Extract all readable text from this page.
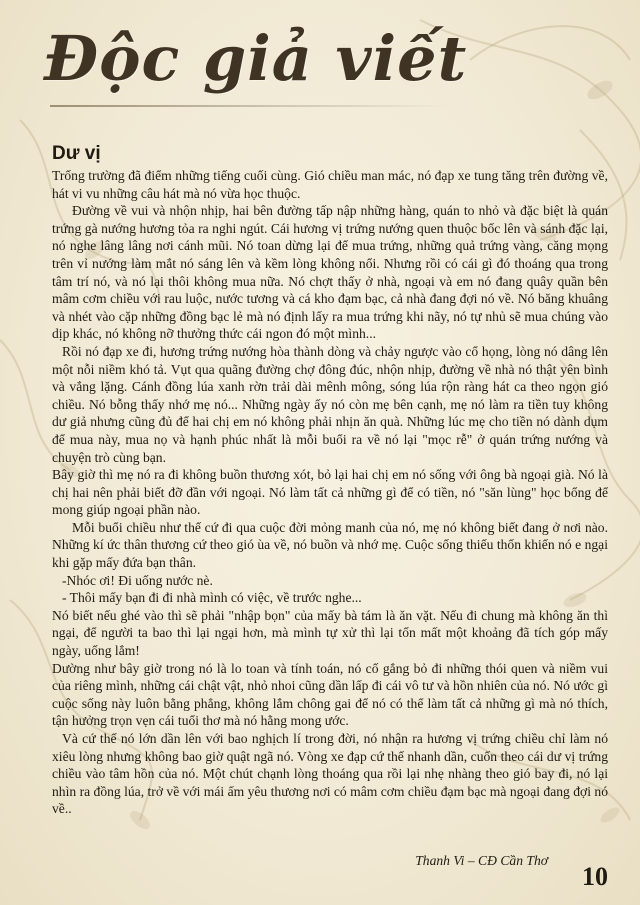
Độc giả viết
Dư vị

Trống trường đã điểm những tiếng cuối cùng. Gió chiều man mác, nó đạp xe tung tăng trên đường về, hát vi vu những câu hát mà nó vừa học thuộc.

Đường về vui và nhộn nhịp, hai bên đường tấp nập những hàng, quán to nhỏ và đặc biệt là quán trứng gà nướng hương tỏa ra nghi ngút. Cái hương vị trứng nướng quen thuộc bốc lên và sánh đặc lại, nó nghe lâng lâng nơi cánh mũi. Nó toan dừng lại để mua trứng, những quả trứng vàng, căng mọng trên vỉ nướng làm mắt nó sáng lên và kềm lòng không nổi. Nhưng rồi có cái gì đó thoáng qua trong tâm trí nó, và nó lại thôi không mua nữa. Nó chợt thấy ở nhà, ngoại và em nó đang quây quần bên mâm cơm chiều với rau luộc, nước tương và cá kho đạm bạc, cả nhà đang đợi nó về. Nó băng khuâng và nhét vào cặp những đồng bạc lẻ mà nó định lấy ra mua trứng khi nãy, nó tự nhủ sẽ mua chúng vào dịp khác, nó không nỡ thưởng thức cái ngon đó một mình...

Rồi nó đạp xe đi, hương trứng nướng hòa thành dòng và chảy ngược vào cổ họng, lòng nó dâng lên một nỗi niềm khó tả. Vụt qua quãng đường chợ đông đúc, nhộn nhịp, đường về nhà nó thật yên bình và vắng lặng. Cánh đồng lúa xanh rờn trải dài mênh mông, sóng lúa rộn ràng hát ca theo ngọn gió chiều. Nó bỗng thấy nhớ mẹ nó... Những ngày ấy nó còn mẹ bên cạnh, mẹ nó làm ra tiền tuy không dư giả nhưng cũng đủ để hai chị em nó không phải nhịn ăn quà. Những lúc mẹ cho tiền nó dành dụm để mua này, mua nọ và hạnh phúc nhất là mỗi buổi ra về nó lại "mọc rễ" ở quán trứng nướng và chuyện trò cùng bạn.

Bây giờ thì mẹ nó ra đi không buồn thương xót, bỏ lại hai chị em nó sống với ông bà ngoại già. Nó là chị hai nên phải biết đỡ đần với ngoại. Nó làm tất cả những gì để có tiền, nó "săn lùng" học bổng để mong giúp ngoại phần nào.

Mỗi buổi chiều như thế cứ đi qua cuộc đời mỏng manh của nó, mẹ nó không biết đang ở nơi nào. Những kí ức thân thương cứ theo gió ùa về, nó buồn và nhớ mẹ. Cuộc sống thiếu thốn khiến nó e ngại khi gặp mấy đứa bạn thân.

-Nhóc ơi! Đi uống nước nè.

- Thôi mấy bạn đi đi nhà mình có việc, về trước nghe...

Nó biết nếu ghé vào thì sẽ phải "nhập bọn" của mấy bà tám là ăn vặt. Nếu đi chung mà không ăn thì ngại, để người ta bao thì lại ngại hơn, mà mình tự xử thì lại tốn mất một khoảng đã tích góp mấy ngày, uống lắm!

Dường như bây giờ trong nó là lo toan và tính toán, nó cố gắng bỏ đi những thói quen và niềm vui của riêng mình, những cái chật vật, nhỏ nhoi cũng dần lấp đi cái vô tư và hồn nhiên của nó. Nó ước gì cuộc sống này luôn bằng phẳng, không lắm chông gai để nó có thể làm tất cả những gì mà nó thích, tận hưởng trọn vẹn cái tuổi thơ mà nó hằng mong ước.

Và cứ thế nó lớn dần lên với bao nghịch lí trong đời, nó nhận ra hương vị trứng chiều chỉ làm nó xiêu lòng nhưng không bao giờ quật ngã nó. Vòng xe đạp cứ thế nhanh dần, cuốn theo cái dư vị trứng chiều vào tâm hồn của nó. Một chút chạnh lòng thoáng qua rồi lại nhẹ nhàng theo gió bay đi, nó lại nhìn ra đồng lúa, trở về với mái ấm yêu thương nơi có mâm cơm chiều đạm bạc mà ngoại đang đợi nó về..

Thanh Vi – CĐ Cần Thơ
10
